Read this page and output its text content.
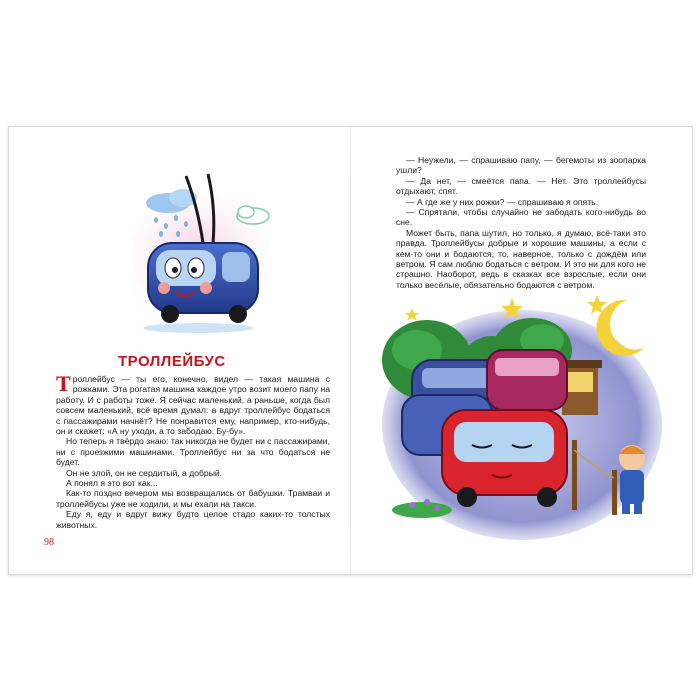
ТРОЛЛЕЙБУС

Троллейбус — ты его, конечно, видел — такая машина с рожками. Эта рогатая машина каждое утро возит моего папу на работу. И с работы тоже. Я сейчас маленький, а раньше, когда был совсем маленький, всё время думал: а вдруг троллейбус бодаться с пассажирами начнёт? Не понравится ему, например, кто-нибудь, он и скажет: «А ну уходи, а то забодаю. Бу-бу».

Но теперь я твёрдо знаю: так никогда не будет ни с пассажирами, ни с проезжими машинами. Троллейбус ни за что бодаться не будет.

Он не злой, он не сердитый, а добрый.

А понял я это вот как...

Как-то поздно вечером мы возвращались от бабушки. Трамваи и троллейбусы уже не ходили, и мы ехали на такси.

Еду я, еду и вдруг вижу будто целое стадо каких-то толстых животных.

98

— Неужели, — спрашиваю папу, — бегемоты из зоопарка ушли?

— Да нет, — смеётся папа. — Нет. Это троллейбусы отдыхают, спят.

— А где же у них рожки? — спрашиваю я опять.

— Спрятали, чтобы случайно не забодать кого-нибудь во сне.

Может быть, папа шутил, но только, я думаю, всё-таки это правда. Троллейбусы добрые и хорошие машины, а если с кем-то они и бодаются, то, наверное, только с дождём или ветром. Я сам люблю бодаться с ветром. И это ни для кого не страшно. Наоборот, ведь в сказках все взрослые, если они только весёлые, обязательно бодаются с ветром.
